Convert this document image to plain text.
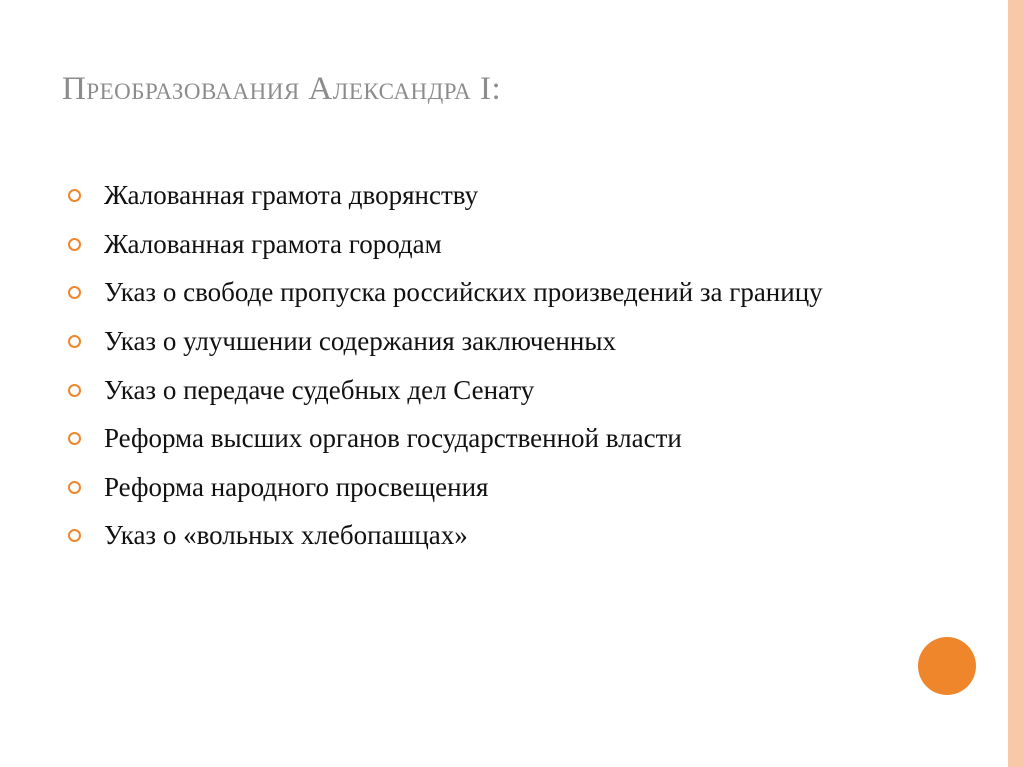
Преобразоваания Александра I:
Жалованная грамота дворянству
Жалованная грамота городам
Указ о свободе пропуска российских произведений за границу
Указ о улучшении содержания заключенных
Указ о передаче судебных дел Сенату
Реформа высших органов государственной власти
Реформа народного просвещения
Указ о «вольных хлебопашцах»
